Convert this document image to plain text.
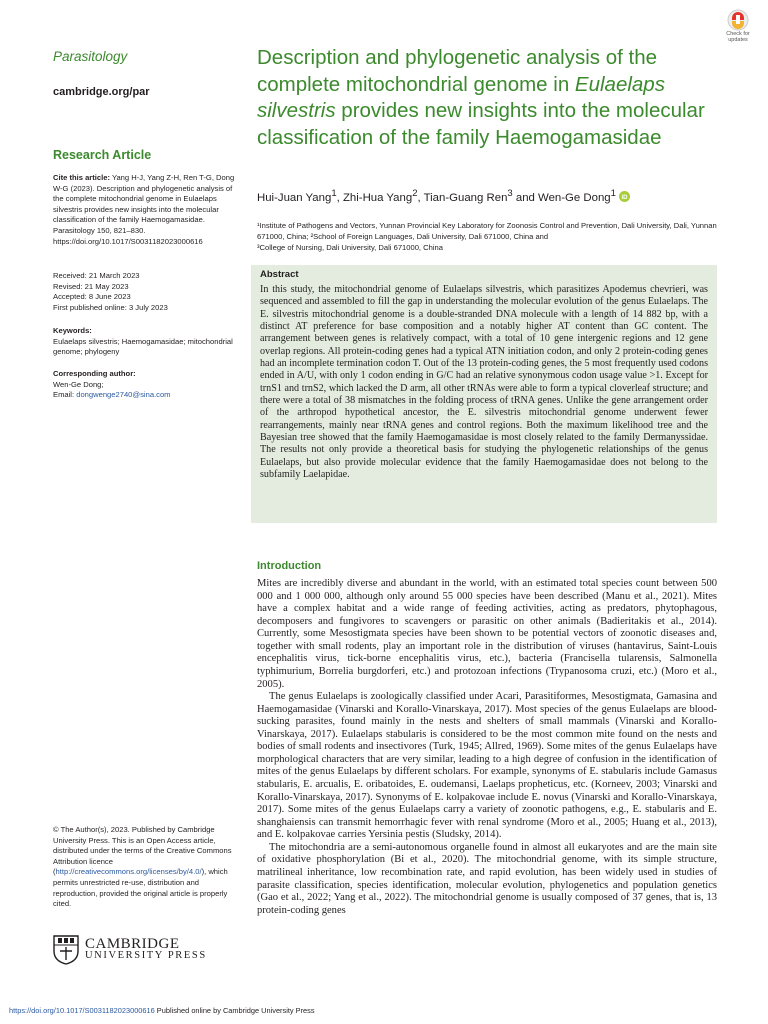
Check for updates
Parasitology
cambridge.org/par
Research Article
Cite this article: Yang H-J, Yang Z-H, Ren T-G, Dong W-G (2023). Description and phylogenetic analysis of the complete mitochondrial genome in Eulaelaps silvestris provides new insights into the molecular classification of the family Haemogamasidae. Parasitology 150, 821–830. https://doi.org/10.1017/S0031182023000616
Received: 21 March 2023
Revised: 21 May 2023
Accepted: 8 June 2023
First published online: 3 July 2023
Keywords:
Eulaelaps silvestris; Haemogamasidae; mitochondrial genome; phylogeny
Corresponding author:
Wen-Ge Dong;
Email: dongwenge2740@sina.com
© The Author(s), 2023. Published by Cambridge University Press. This is an Open Access article, distributed under the terms of the Creative Commons Attribution licence (http://creativecommons.org/licenses/by/4.0/), which permits unrestricted re-use, distribution and reproduction, provided the original article is properly cited.
CAMBRIDGE
UNIVERSITY PRESS
Description and phylogenetic analysis of the complete mitochondrial genome in Eulaelaps silvestris provides new insights into the molecular classification of the family Haemogamasidae
Hui-Juan Yang$^1$, Zhi-Hua Yang$^2$, Tian-Guang Ren$^3$ and Wen-Ge Dong$^1$ iD
¹Institute of Pathogens and Vectors, Yunnan Provincial Key Laboratory for Zoonosis Control and Prevention, Dali University, Dali, Yunnan 671000, China; ²School of Foreign Languages, Dali University, Dali 671000, China and
³College of Nursing, Dali University, Dali 671000, China
Abstract
In this study, the mitochondrial genome of Eulaelaps silvestris, which parasitizes Apodemus chevrieri, was sequenced and assembled to fill the gap in understanding the molecular evolution of the genus Eulaelaps. The E. silvestris mitochondrial genome is a double-stranded DNA molecule with a length of 14 882 bp, with a distinct AT preference for base composition and a notably higher AT content than GC content. The arrangement between genes is relatively compact, with a total of 10 gene intergenic regions and 12 gene overlap regions. All protein-coding genes had a typical ATN initiation codon, and only 2 protein-coding genes had an incomplete termination codon T. Out of the 13 protein-coding genes, the 5 most frequently used codons ended in A/U, with only 1 codon ending in G/C had an relative synonymous codon usage value >1. Except for trnS1 and trnS2, which lacked the D arm, all other tRNAs were able to form a typical cloverleaf structure; and there were a total of 38 mismatches in the folding process of tRNA genes. Unlike the gene arrangement order of the arthropod hypothetical ancestor, the E. silvestris mitochondrial genome underwent fewer rearrangements, mainly near tRNA genes and control regions. Both the maximum likelihood tree and the Bayesian tree showed that the family Haemogamasidae is most closely related to the family Dermanyssidae. The results not only provide a theoretical basis for studying the phylogenetic relationships of the genus Eulaelaps, but also provide molecular evidence that the family Haemogamasidae does not belong to the subfamily Laelapidae.
Introduction

Mites are incredibly diverse and abundant in the world, with an estimated total species count between 500 000 and 1 000 000, although only around 55 000 species have been described (Manu et al., 2021). Mites have a complex habitat and a wide range of feeding activities, acting as predators, phytophagous, decomposers and fungivores to scavengers or parasitic on other animals (Badieritakis et al., 2014). Currently, some Mesostigmata species have been shown to be potential vectors of zoonotic diseases and, together with small rodents, play an important role in the distribution of viruses (hantavirus, Saint-Louis encephalitis virus, tick-borne encephalitis virus, etc.), bacteria (Francisella tularensis, Salmonella typhimurium, Borrelia burgdorferi, etc.) and protozoan infections (Trypanosoma cruzi, etc.) (Moro et al., 2005).

The genus Eulaelaps is zoologically classified under Acari, Parasitiformes, Mesostigmata, Gamasina and Haemogamasidae (Vinarski and Korallo-Vinarskaya, 2017). Most species of the genus Eulaelaps are blood-sucking parasites, found mainly in the nests and shelters of small mammals (Vinarski and Korallo-Vinarskaya, 2017). Eulaelaps stabularis is considered to be the most common mite found on the nests and bodies of small rodents and insectivores (Turk, 1945; Allred, 1969). Some mites of the genus Eulaelaps have morphological characters that are very similar, leading to a high degree of confusion in the identification of mites of the genus Eulaelaps by different scholars. For example, synonyms of E. stabularis include Gamasus stabularis, E. arcualis, E. oribatoides, E. oudemansi, Laelaps propheticus, etc. (Korneev, 2003; Vinarski and Korallo-Vinarskaya, 2017). Synonyms of E. kolpakovae include E. novus (Vinarski and Korallo-Vinarskaya, 2017). Some mites of the genus Eulaelaps carry a variety of zoonotic pathogens, e.g., E. stabularis and E. shanghaiensis can transmit hemorrhagic fever with renal syndrome (Moro et al., 2005; Huang et al., 2013), and E. kolpakovae carries Yersinia pestis (Sludsky, 2014).

The mitochondria are a semi-autonomous organelle found in almost all eukaryotes and are the main site of oxidative phosphorylation (Bi et al., 2020). The mitochondrial genome, with its simple structure, matrilineal inheritance, low recombination rate, and rapid evolution, has been widely used in studies of parasite classification, species identification, molecular evolution, phylogenetics and population genetics (Gao et al., 2022; Yang et al., 2022). The mitochondrial genome is usually composed of 37 genes, that is, 13 protein-coding genes

https://doi.org/10.1017/S0031182023000616 Published online by Cambridge University Press
